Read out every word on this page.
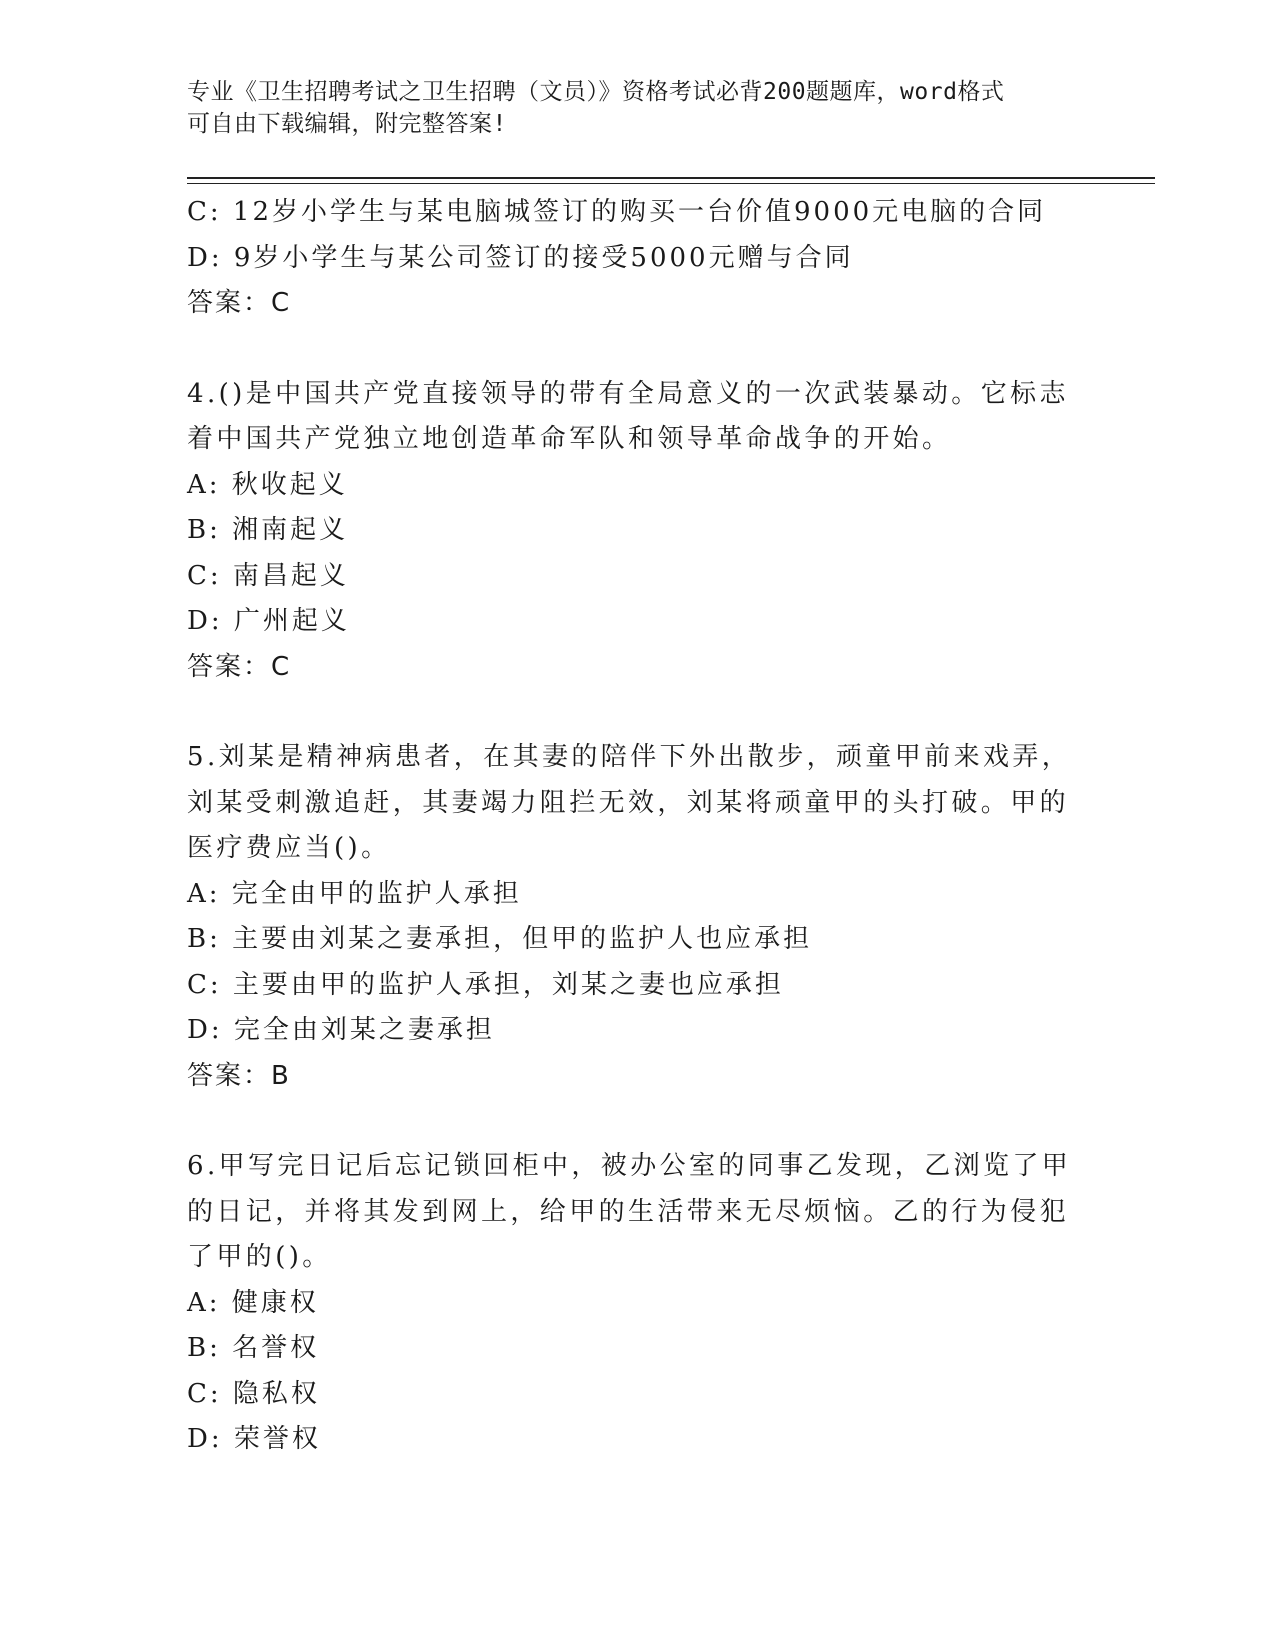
专业《卫生招聘考试之卫生招聘（文员）》资格考试必背200题题库，word格式
可自由下载编辑，附完整答案!
C: 12岁小学生与某电脑城签订的购买一台价值9000元电脑的合同
D: 9岁小学生与某公司签订的接受5000元赠与合同
答案：C
4.()是中国共产党直接领导的带有全局意义的一次武装暴动。它标志
着中国共产党独立地创造革命军队和领导革命战争的开始。
A: 秋收起义
B: 湘南起义
C: 南昌起义
D: 广州起义
答案：C
5.刘某是精神病患者，在其妻的陪伴下外出散步，顽童甲前来戏弄，
刘某受刺激追赶，其妻竭力阻拦无效，刘某将顽童甲的头打破。甲的
医疗费应当()。
A: 完全由甲的监护人承担
B: 主要由刘某之妻承担，但甲的监护人也应承担
C: 主要由甲的监护人承担，刘某之妻也应承担
D: 完全由刘某之妻承担
答案：B
6.甲写完日记后忘记锁回柜中，被办公室的同事乙发现，乙浏览了甲
的日记，并将其发到网上，给甲的生活带来无尽烦恼。乙的行为侵犯
了甲的()。
A: 健康权
B: 名誉权
C: 隐私权
D: 荣誉权
